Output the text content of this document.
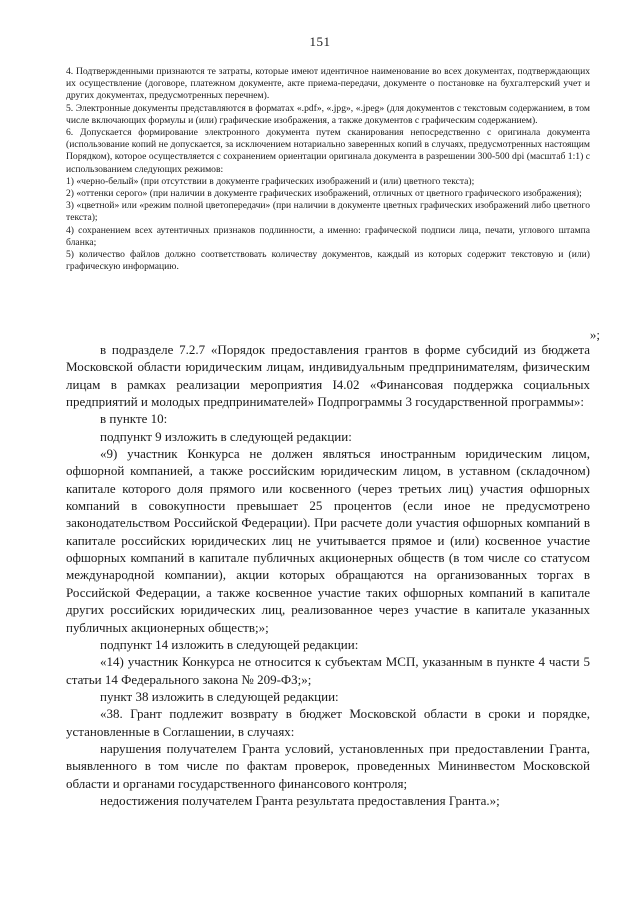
151

4. Подтвержденными признаются те затраты, которые имеют идентичное наименование во всех документах, подтверждающих их осуществление (договоре, платежном документе, акте приема-передачи, документе о постановке на бухгалтерский учет и других документах, предусмотренных перечнем).

5. Электронные документы представляются в форматах «.pdf», «.jpg», «.jpeg» (для документов с текстовым содержанием, в том числе включающих формулы и (или) графические изображения, а также документов с графическим содержанием).

6. Допускается формирование электронного документа путем сканирования непосредственно с оригинала документа (использование копий не допускается, за исключением нотариально заверенных копий в случаях, предусмотренных настоящим Порядком), которое осуществляется с сохранением ориентации оригинала документа в разрешении 300-500 dpi (масштаб 1:1) с использованием следующих режимов:

1) «черно-белый» (при отсутствии в документе графических изображений и (или) цветного текста);

2) «оттенки серого» (при наличии в документе графических изображений, отличных от цветного графического изображения);

3) «цветной» или «режим полной цветопередачи» (при наличии в документе цветных графических изображений либо цветного текста);

4) сохранением всех аутентичных признаков подлинности, а именно: графической подписи лица, печати, углового штампа бланка;

5) количество файлов должно соответствовать количеству документов, каждый из которых содержит текстовую и (или) графическую информацию.

»;

в подразделе 7.2.7 «Порядок предоставления грантов в форме субсидий из бюджета Московской области юридическим лицам, индивидуальным предпринимателям, физическим лицам в рамках реализации мероприятия I4.02 «Финансовая поддержка социальных предприятий и молодых предпринимателей» Подпрограммы 3 государственной программы»:

в пункте 10:

подпункт 9 изложить в следующей редакции:

«9) участник Конкурса не должен являться иностранным юридическим лицом, офшорной компанией, а также российским юридическим лицом, в уставном (складочном) капитале которого доля прямого или косвенного (через третьих лиц) участия офшорных компаний в совокупности превышает 25 процентов (если иное не предусмотрено законодательством Российской Федерации). При расчете доли участия офшорных компаний в капитале российских юридических лиц не учитывается прямое и (или) косвенное участие офшорных компаний в капитале публичных акционерных обществ (в том числе со статусом международной компании), акции которых обращаются на организованных торгах в Российской Федерации, а также косвенное участие таких офшорных компаний в капитале других российских юридических лиц, реализованное через участие в капитале указанных публичных акционерных обществ;»;

подпункт 14 изложить в следующей редакции:

«14) участник Конкурса не относится к субъектам МСП, указанным в пункте 4 части 5 статьи 14 Федерального закона № 209-ФЗ;»;

пункт 38 изложить в следующей редакции:

«38. Грант подлежит возврату в бюджет Московской области в сроки и порядке, установленные в Соглашении, в случаях:

нарушения получателем Гранта условий, установленных при предоставлении Гранта, выявленного в том числе по фактам проверок, проведенных Мининвестом Московской области и органами государственного финансового контроля;

недостижения получателем Гранта результата предоставления Гранта.»;
